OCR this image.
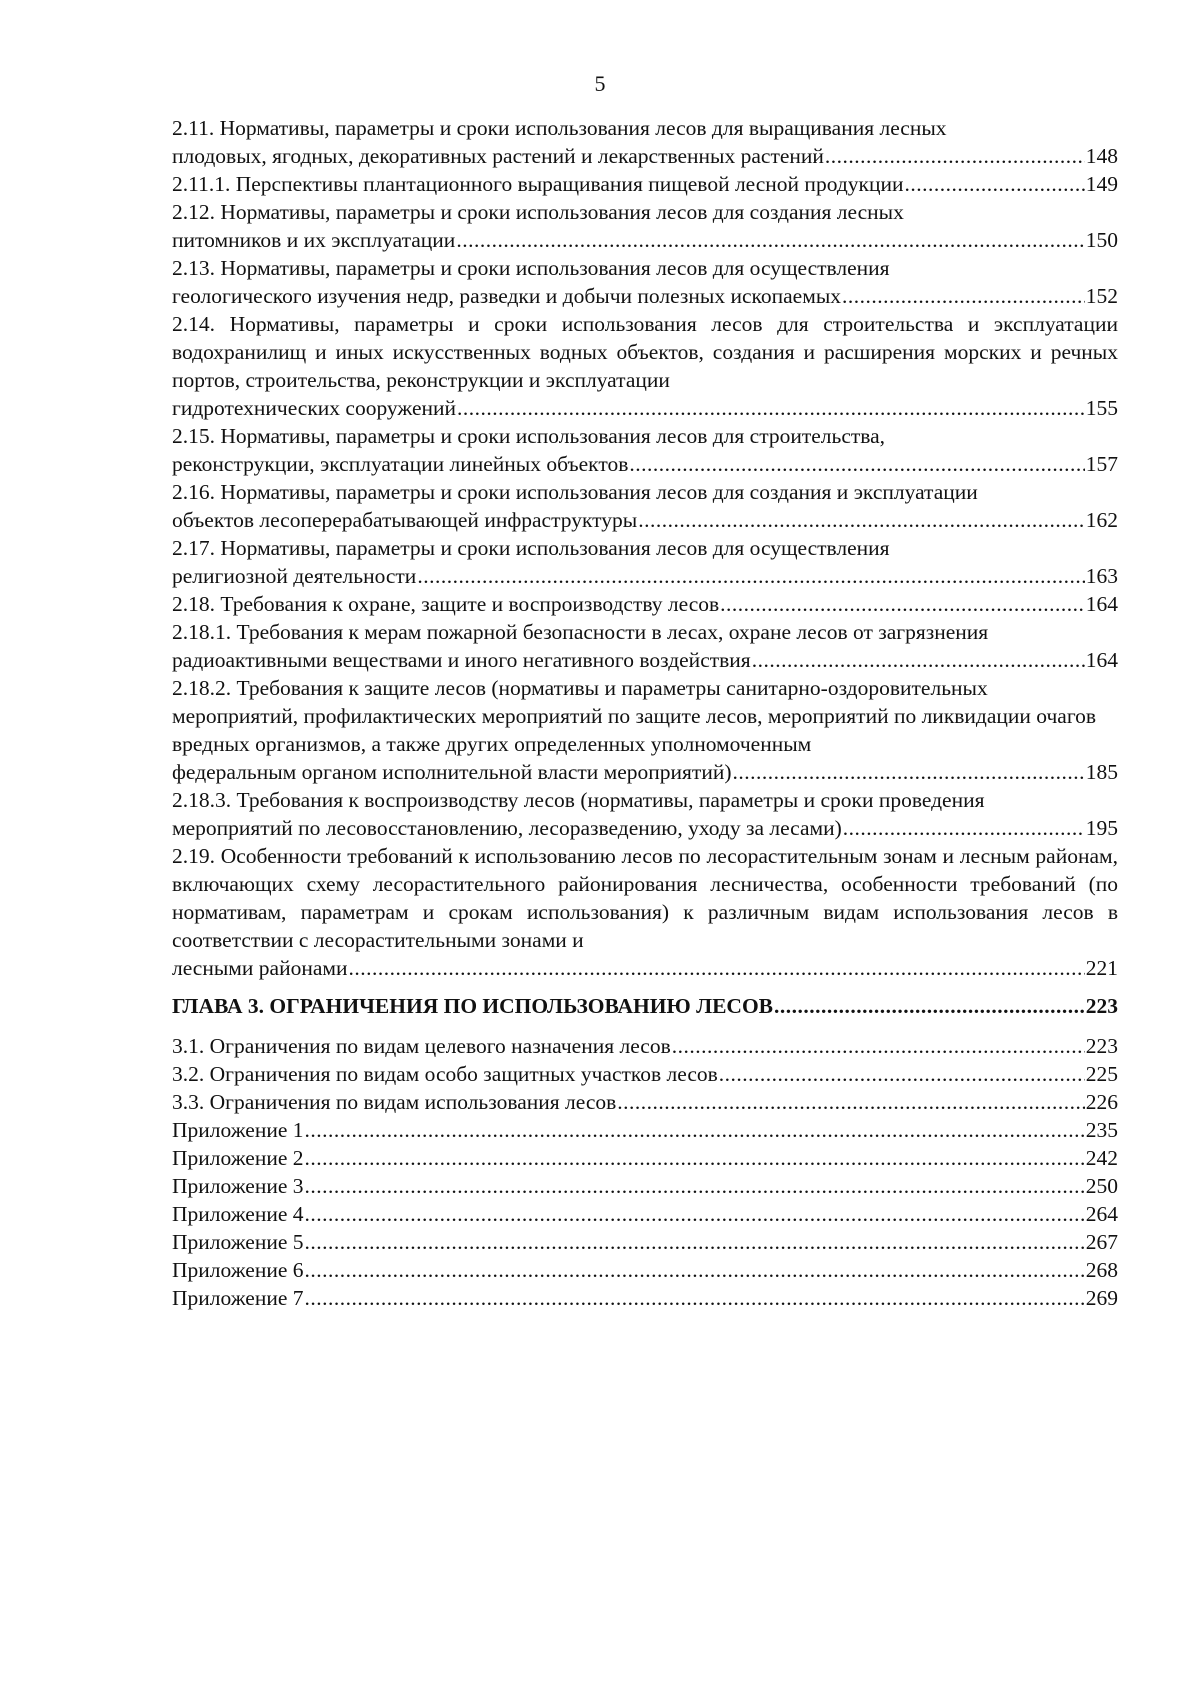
5
2.11. Нормативы, параметры и сроки использования лесов для выращивания лесных
плодовых, ягодных, декоративных растений и лекарственных растений .....	148
2.11.1. Перспективы плантационного выращивания пищевой лесной продукции .....	149
2.12. Нормативы, параметры и сроки использования лесов для создания лесных
питомников и их эксплуатации .....	150
2.13. Нормативы, параметры и сроки использования лесов для осуществления
геологического изучения недр, разведки и добычи полезных ископаемых .....	152
2.14. Нормативы, параметры и сроки использования лесов для строительства и эксплуатации водохранилищ и иных искусственных водных объектов, создания и расширения морских и речных портов, строительства, реконструкции и эксплуатации
гидротехнических сооружений .....	155
2.15. Нормативы, параметры и сроки использования лесов для строительства,
реконструкции, эксплуатации линейных объектов .....	157
2.16. Нормативы, параметры и сроки использования лесов для создания и эксплуатации
объектов лесоперерабатывающей инфраструктуры .....	162
2.17. Нормативы, параметры и сроки использования лесов для осуществления
религиозной деятельности .....	163
2.18. Требования к охране, защите и воспроизводству лесов .....	164
2.18.1. Требования к мерам пожарной безопасности в лесах, охране лесов от загрязнения
радиоактивными веществами и иного негативного воздействия .....	164
2.18.2. Требования к защите лесов (нормативы и параметры санитарно-оздоровительных мероприятий, профилактических мероприятий по защите лесов, мероприятий по ликвидации очагов вредных организмов, а также других определенных уполномоченным
федеральным органом исполнительной власти мероприятий) .....	185
2.18.3. Требования к воспроизводству лесов (нормативы, параметры и сроки проведения
мероприятий по лесовосстановлению, лесоразведению, уходу за лесами) .....	195
2.19. Особенности требований к использованию лесов по лесорастительным зонам и лесным районам, включающих схему лесорастительного районирования лесничества, особенности требований (по нормативам, параметрам и срокам использования) к различным видам использования лесов в соответствии с лесорастительными зонами и
лесными районами .....	221
ГЛАВА 3. ОГРАНИЧЕНИЯ ПО ИСПОЛЬЗОВАНИЮ ЛЕСОВ .....	223
3.1. Ограничения по видам целевого назначения лесов .....	223
3.2. Ограничения по видам особо защитных участков лесов .....	225
3.3. Ограничения по видам использования лесов .....	226
Приложение 1 .....	235
Приложение 2 .....	242
Приложение 3 .....	250
Приложение 4 .....	264
Приложение 5 .....	267
Приложение 6 .....	268
Приложение 7 .....	269
